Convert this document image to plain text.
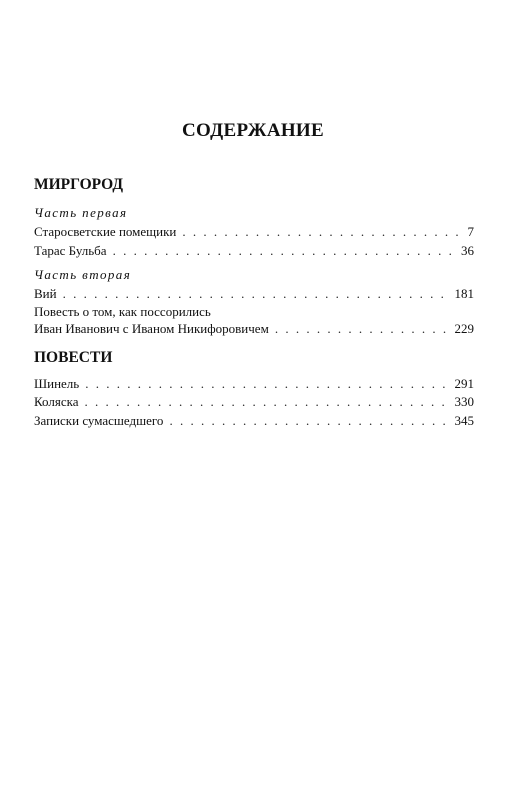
СОДЕРЖАНИЕ
МИРГОРОД
Часть первая
Старосветские помещики . . .	7
Тарас Бульба . . .	36
Часть вторая
Вий . . .	181
Повесть о том, как поссорились
Иван Иванович с Иваном Никифоровичем . . .	229
ПОВЕСТИ
Шинель . . .	291
Коляска . . .	330
Записки сумасшедшего . . .	345
